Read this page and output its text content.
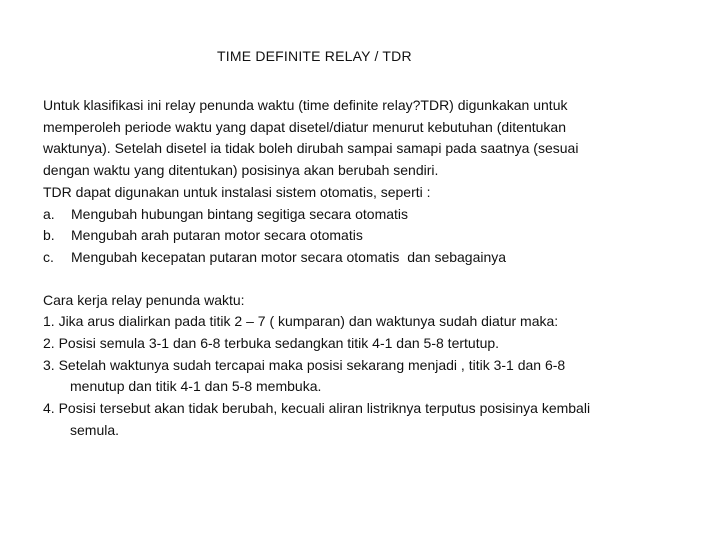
TIME DEFINITE RELAY / TDR
Untuk klasifikasi ini relay penunda waktu (time definite relay?TDR) digunkakan untuk
memperoleh periode waktu yang dapat disetel/diatur menurut kebutuhan (ditentukan
waktunya). Setelah disetel ia tidak boleh dirubah sampai samapi pada saatnya (sesuai
dengan waktu yang ditentukan) posisinya akan berubah sendiri.
TDR dapat digunakan untuk instalasi sistem otomatis, seperti :
a.	Mengubah hubungan bintang segitiga secara otomatis
b.	Mengubah arah putaran motor secara otomatis
c.	Mengubah kecepatan putaran motor secara otomatis  dan sebagainya
Cara kerja relay penunda waktu:
1. Jika arus dialirkan pada titik 2 – 7 ( kumparan) dan waktunya sudah diatur maka:
2. Posisi semula 3-1 dan 6-8 terbuka sedangkan titik 4-1 dan 5-8 tertutup.
3. Setelah waktunya sudah tercapai maka posisi sekarang menjadi , titik 3-1 dan 6-8
menutup dan titik 4-1 dan 5-8 membuka.
4. Posisi tersebut akan tidak berubah, kecuali aliran listriknya terputus posisinya kembali
semula.
